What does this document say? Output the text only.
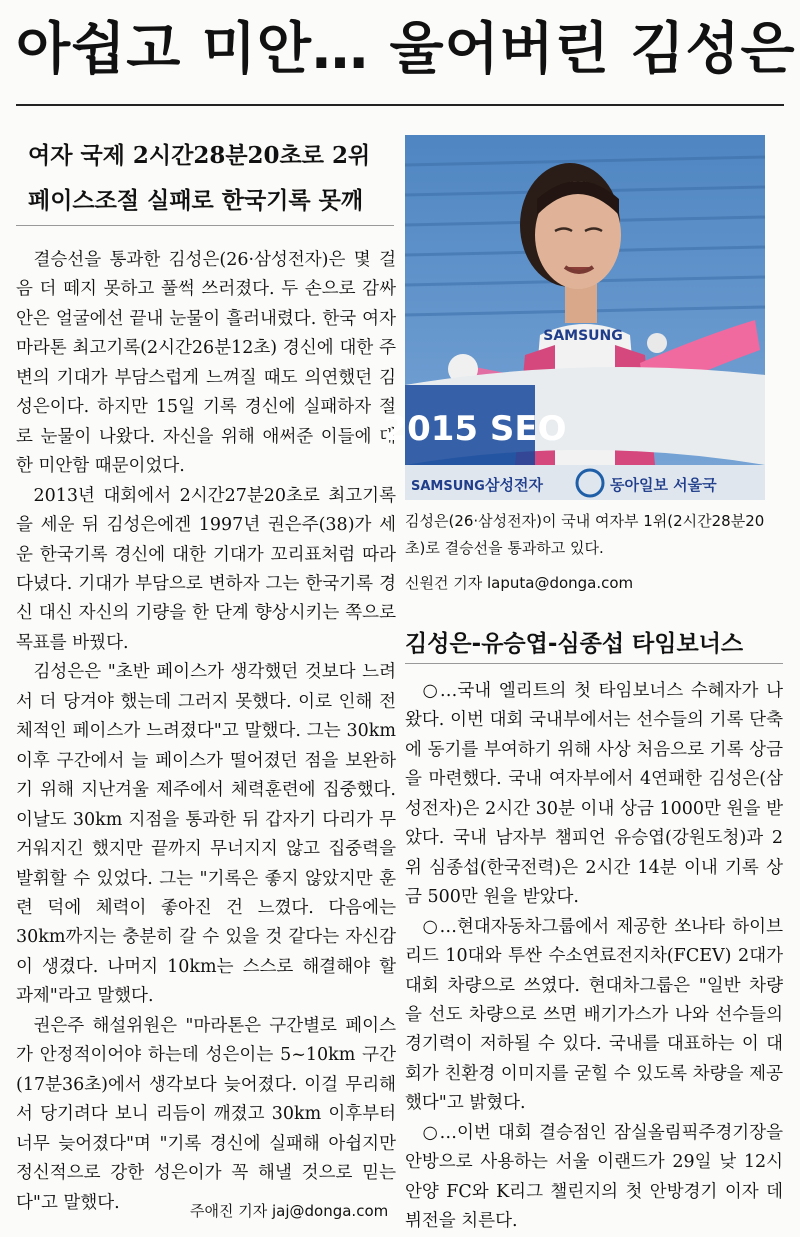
아쉽고 미안… 울어버린 김성은
여자 국제 2시간28분20초로 2위
페이스조절 실패로 한국기록 못깨

결승선을 통과한 김성은(26·삼성전자)은 몇 걸음 더 떼지 못하고 풀썩 쓰러졌다. 두 손으로 감싸 안은 얼굴에선 끝내 눈물이 흘러내렸다. 한국 여자 마라톤 최고기록(2시간26분12초) 경신에 대한 주변의 기대가 부담스럽게 느껴질 때도 의연했던 김성은이다. 하지만 15일 기록 경신에 실패하자 절로 눈물이 나왔다. 자신을 위해 애써준 이들에 대한 미안함 때문이었다.

2013년 대회에서 2시간27분20초로 최고기록을 세운 뒤 김성은에겐 1997년 권은주(38)가 세운 한국기록 경신에 대한 기대가 꼬리표처럼 따라다녔다. 기대가 부담으로 변하자 그는 한국기록 경신 대신 자신의 기량을 한 단계 향상시키는 쪽으로 목표를 바꿨다.

김성은은 "초반 페이스가 생각했던 것보다 느려서 더 당겨야 했는데 그러지 못했다. 이로 인해 전체적인 페이스가 느려졌다"고 말했다. 그는 30km 이후 구간에서 늘 페이스가 떨어졌던 점을 보완하기 위해 지난겨울 제주에서 체력훈련에 집중했다. 이날도 30km 지점을 통과한 뒤 갑자기 다리가 무거워지긴 했지만 끝까지 무너지지 않고 집중력을 발휘할 수 있었다. 그는 "기록은 좋지 않았지만 훈련 덕에 체력이 좋아진 건 느꼈다. 다음에는 30km까지는 충분히 갈 수 있을 것 같다는 자신감이 생겼다. 나머지 10km는 스스로 해결해야 할 과제"라고 말했다.

권은주 해설위원은 "마라톤은 구간별로 페이스가 안정적이어야 하는데 성은이는 5~10km 구간(17분36초)에서 생각보다 늦어졌다. 이걸 무리해서 당기려다 보니 리듬이 깨졌고 30km 이후부터 너무 늦어졌다"며 "기록 경신에 실패해 아쉽지만 정신적으로 강한 성은이가 꼭 해낼 것으로 믿는다"고 말했다.	주애진 기자 jaj@donga.com
SAMSUNG
2015 SEO
SAMSUNG 삼성전자	동아일보 서울국
김성은(26·삼성전자)이 국내 여자부 1위(2시간28분20초)로 결승선을 통과하고 있다.
신원건 기자 laputa@donga.com
김성은-유승엽-심종섭 타임보너스

○…국내 엘리트의 첫 타임보너스 수혜자가 나왔다. 이번 대회 국내부에서는 선수들의 기록 단축에 동기를 부여하기 위해 사상 처음으로 기록 상금을 마련했다. 국내 여자부에서 4연패한 김성은(삼성전자)은 2시간 30분 이내 상금 1000만 원을 받았다. 국내 남자부 챔피언 유승엽(강원도청)과 2위 심종섭(한국전력)은 2시간 14분 이내 기록 상금 500만 원을 받았다.

○…현대자동차그룹에서 제공한 쏘나타 하이브리드 10대와 투싼 수소연료전지차(FCEV) 2대가 대회 차량으로 쓰였다. 현대차그룹은 "일반 차량을 선도 차량으로 쓰면 배기가스가 나와 선수들의 경기력이 저하될 수 있다. 국내를 대표하는 이 대회가 친환경 이미지를 굳힐 수 있도록 차량을 제공했다"고 밝혔다.

○…이번 대회 결승점인 잠실올림픽주경기장을 안방으로 사용하는 서울 이랜드가 29일 낮 12시 안양 FC와 K리그 챌린지의 첫 안방경기 이자 데뷔전을 치른다.
